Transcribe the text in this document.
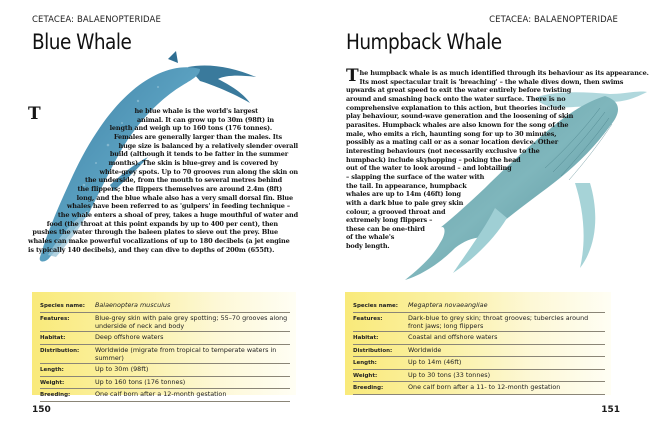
CETACEA: BALAENOPTERIDAE
Blue Whale
T	he blue whale is the world's largest
animal. It can grow up to 30m (98ft) in
length and weigh up to 160 tons (176 tonnes).
Females are generally larger than the males. Its
huge size is balanced by a relatively slender overall
build (although it tends to be fatter in the summer
months). The skin is blue-grey and is covered by
white-grey spots. Up to 70 grooves run along the skin on
the underside, from the mouth to several metres behind
the flippers; the flippers themselves are around 2.4m (8ft)
long, and the blue whale also has a very small dorsal fin. Blue
whales have been referred to as 'gulpers' in feeding technique –
the whale enters a shoal of prey, takes a huge mouthful of water and
food (the throat at this point expands by up to 400 per cent), then
pushes the water through the baleen plates to sieve out the prey. Blue
whales can make powerful vocalizations of up to 180 decibels (a jet engine
is typically 140 decibels), and they can dive to depths of 200m (655ft).
Species name:	Balaenoptera musculus
Features:	Blue-grey skin with pale grey spotting; 55–70 grooves along underside of neck and body
Habitat:	Deep offshore waters
Distribution:	Worldwide (migrate from tropical to temperate waters in summer)
Length:	Up to 30m (98ft)
Weight:	Up to 160 tons (176 tonnes)
Breeding:	One calf born after a 12-month gestation
150
CETACEA: BALAENOPTERIDAE
Humpback Whale
The humpback whale is as much identified through its behaviour as its appearance.
Its most spectacular trait is 'breaching' – the whale dives down, then swims
upwards at great speed to exit the water entirely before twisting
around and smashing back onto the water surface. There is no
comprehensive explanation to this action, but theories include
play behaviour, sound-wave generation and the loosening of skin
parasites. Humpback whales are also known for the song of the
male, who emits a rich, haunting song for up to 30 minutes,
possibly as a mating call or as a sonar location device. Other
interesting behaviours (not necessarily exclusive to the
humpback) include skyhopping – poking the head
out of the water to look around – and lobtailing
– slapping the surface of the water with
the tail. In appearance, humpback
whales are up to 14m (46ft) long
with a dark blue to pale grey skin
colour, a grooved throat and
extremely long flippers –
these can be one-third
of the whale's
body length.
Species name:	Megaptera novaeangliae
Features:	Dark-blue to grey skin; throat grooves; tubercles around front jaws; long flippers
Habitat:	Coastal and offshore waters
Distribution:	Worldwide
Length:	Up to 14m (46ft)
Weight:	Up to 30 tons (33 tonnes)
Breeding:	One calf born after a 11- to 12-month gestation
151
